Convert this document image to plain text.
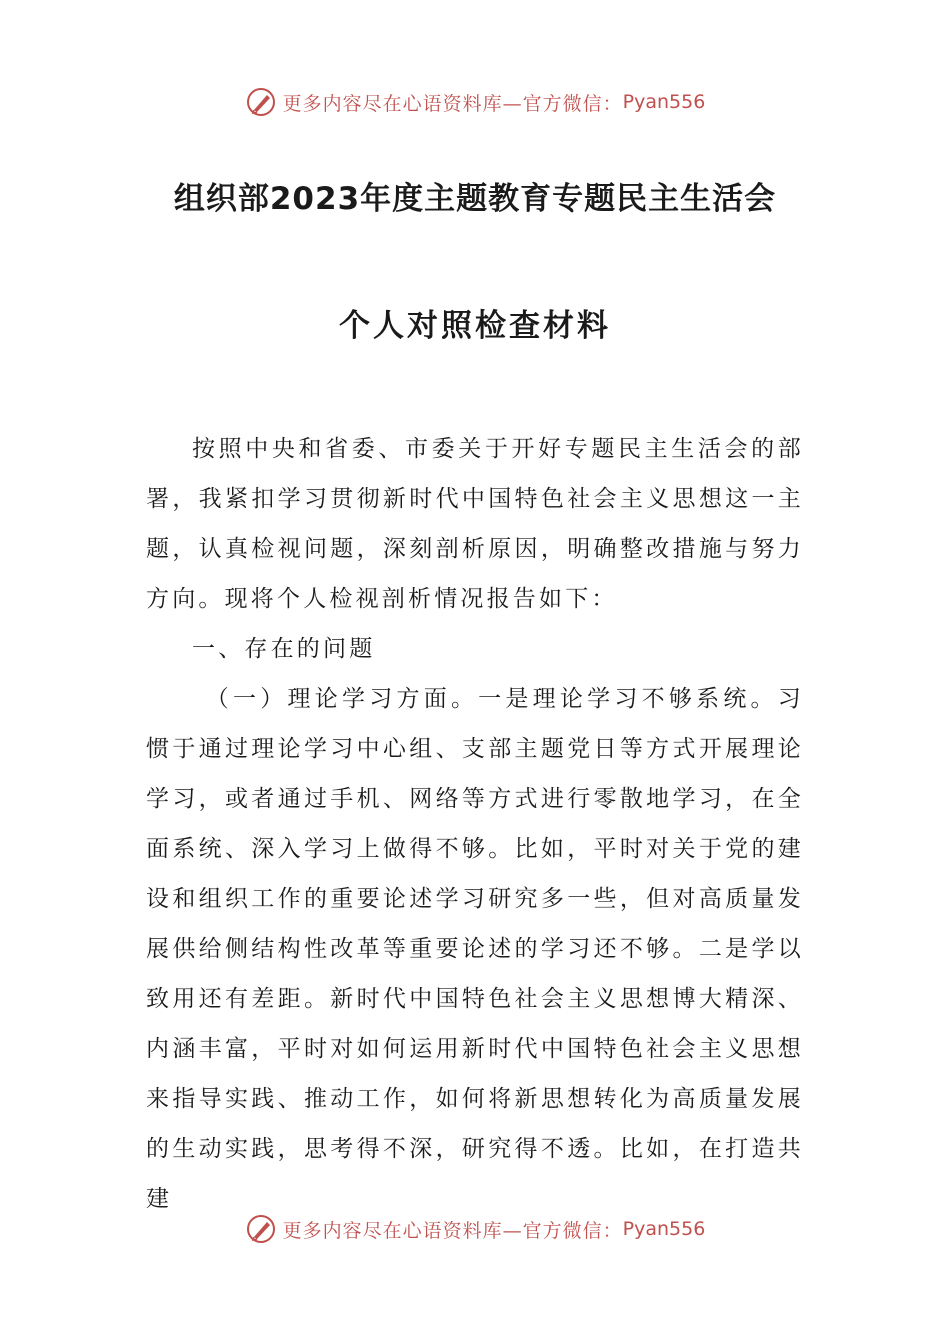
更多内容尽在心语资料库—官方微信： Pyan556
组织部2023年度主题教育专题民主生活会
个人对照检查材料

按照中央和省委、市委关于开好专题民主生活会的部署，我紧扣学习贯彻新时代中国特色社会主义思想这一主题，认真检视问题，深刻剖析原因，明确整改措施与努力方向。现将个人检视剖析情况报告如下：

一、存在的问题

（一）理论学习方面。一是理论学习不够系统。习惯于通过理论学习中心组、支部主题党日等方式开展理论学习，或者通过手机、网络等方式进行零散地学习，在全面系统、深入学习上做得不够。比如，平时对关于党的建设和组织工作的重要论述学习研究多一些，但对高质量发展供给侧结构性改革等重要论述的学习还不够。二是学以致用还有差距。新时代中国特色社会主义思想博大精深、内涵丰富，平时对如何运用新时代中国特色社会主义思想来指导实践、推动工作，如何将新思想转化为高质量发展的生动实践，思考得不深，研究得不透。比如，在打造共建

更多内容尽在心语资料库—官方微信： Pyan556
